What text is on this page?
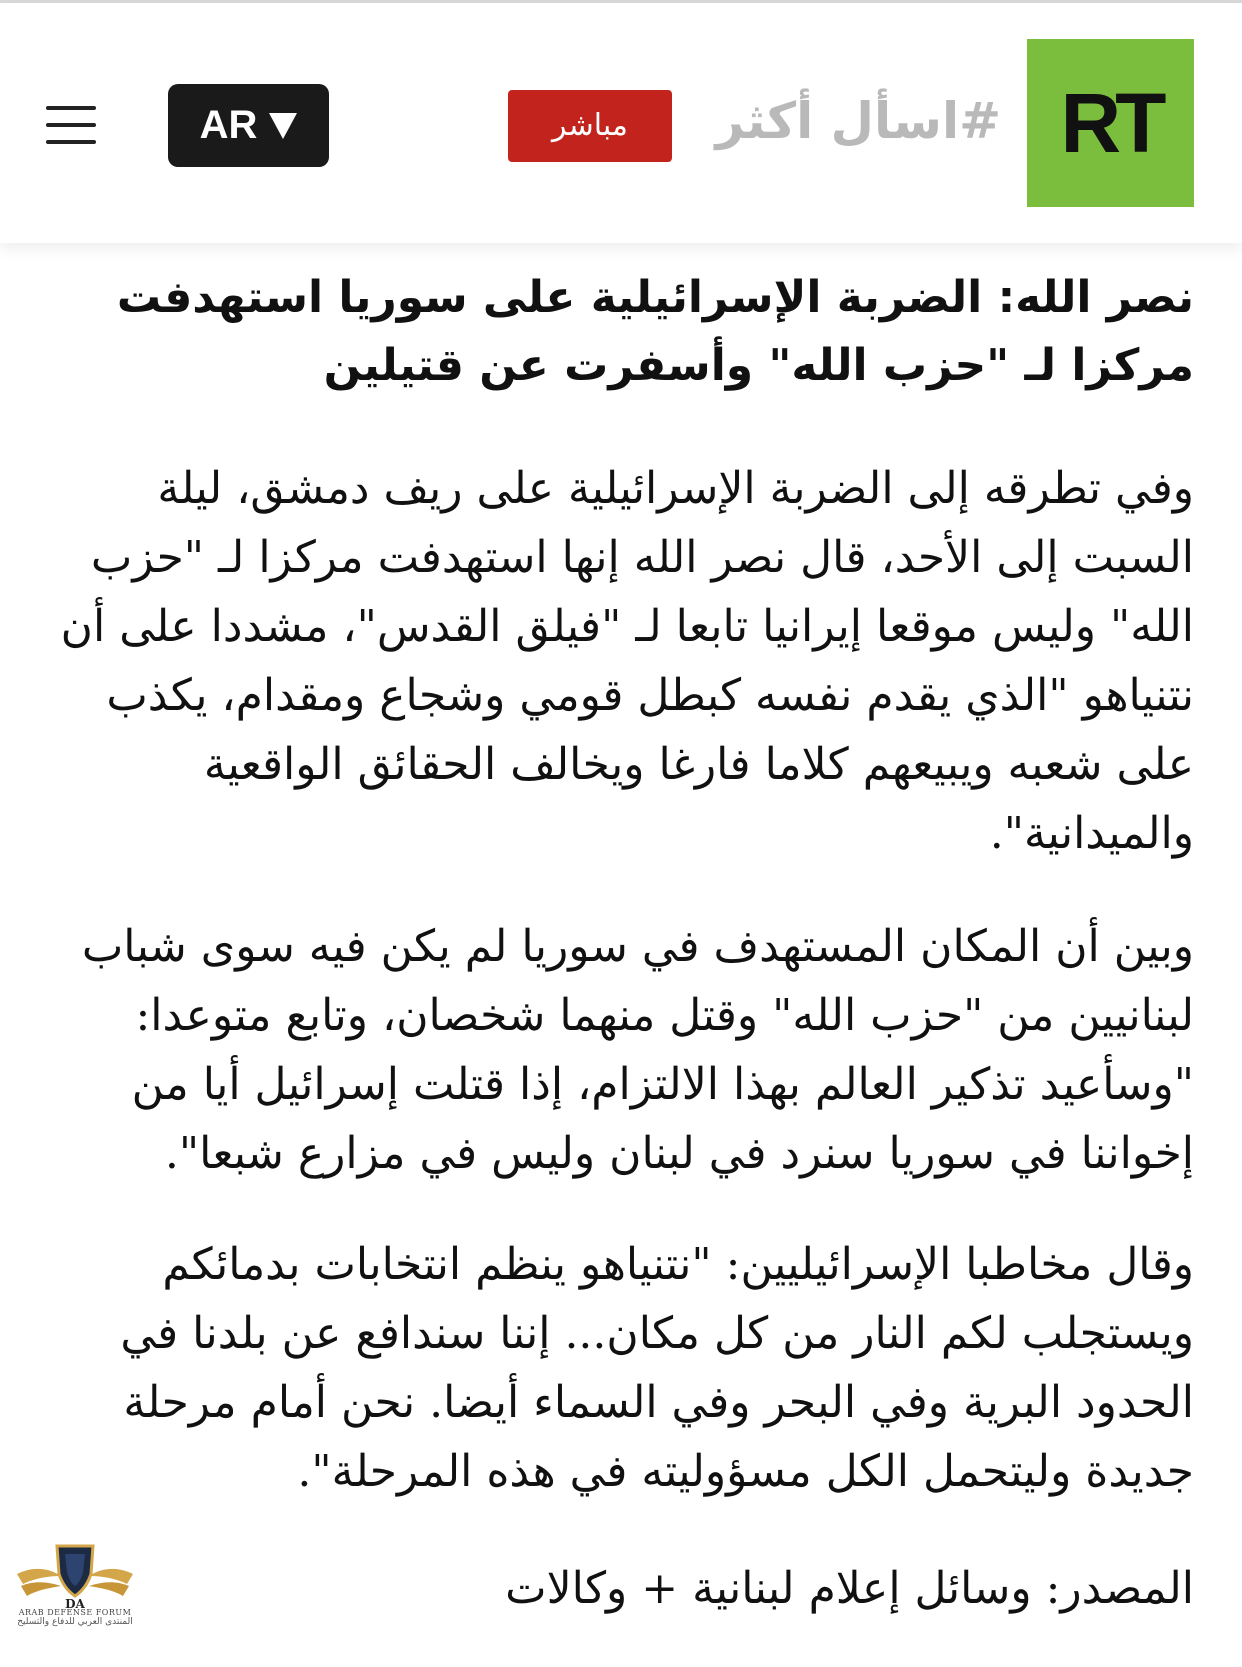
RT
#اسأل أكثر
مباشر
AR
نصر الله: الضربة الإسرائيلية على سوريا استهدفت مركزا لـ "حزب الله" وأسفرت عن قتيلين

وفي تطرقه إلى الضربة الإسرائيلية على ريف دمشق، ليلة السبت إلى الأحد، قال نصر الله إنها استهدفت مركزا لـ "حزب الله" وليس موقعا إيرانيا تابعا لـ "فيلق القدس"، مشددا على أن نتنياهو "الذي يقدم نفسه كبطل قومي وشجاع ومقدام، يكذب على شعبه ويبيعهم كلاما فارغا ويخالف الحقائق الواقعية والميدانية".

وبين أن المكان المستهدف في سوريا لم يكن فيه سوى شباب لبنانيين من "حزب الله" وقتل منهما شخصان، وتابع متوعدا: "وسأعيد تذكير العالم بهذا الالتزام، إذا قتلت إسرائيل أيا من إخواننا في سوريا سنرد في لبنان وليس في مزارع شبعا".

وقال مخاطبا الإسرائيليين: "نتنياهو ينظم انتخابات بدمائكم ويستجلب لكم النار من كل مكان... إننا سندافع عن بلدنا في الحدود البرية وفي البحر وفي السماء أيضا. نحن أمام مرحلة جديدة وليتحمل الكل مسؤوليته في هذه المرحلة".

المصدر: وسائل إعلام لبنانية + وكالات

DA
ARAB DEFENSE FORUM
المنتدى العربي للدفاع والتسليح
